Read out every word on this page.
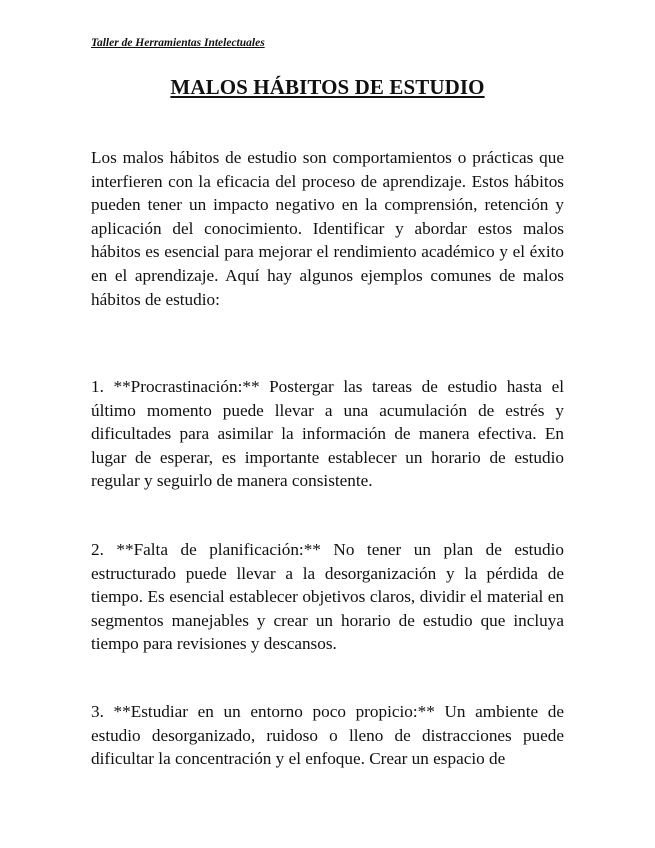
Taller de Herramientas Intelectuales
MALOS HÁBITOS DE ESTUDIO

Los malos hábitos de estudio son comportamientos o prácticas que interfieren con la eficacia del proceso de aprendizaje. Estos hábitos pueden tener un impacto negativo en la comprensión, retención y aplicación del conocimiento. Identificar y abordar estos malos hábitos es esencial para mejorar el rendimiento académico y el éxito en el aprendizaje. Aquí hay algunos ejemplos comunes de malos hábitos de estudio:

1. **Procrastinación:** Postergar las tareas de estudio hasta el último momento puede llevar a una acumulación de estrés y dificultades para asimilar la información de manera efectiva. En lugar de esperar, es importante establecer un horario de estudio regular y seguirlo de manera consistente.

2. **Falta de planificación:** No tener un plan de estudio estructurado puede llevar a la desorganización y la pérdida de tiempo. Es esencial establecer objetivos claros, dividir el material en segmentos manejables y crear un horario de estudio que incluya tiempo para revisiones y descansos.

3. **Estudiar en un entorno poco propicio:** Un ambiente de estudio desorganizado, ruidoso o lleno de distracciones puede dificultar la concentración y el enfoque. Crear un espacio de
